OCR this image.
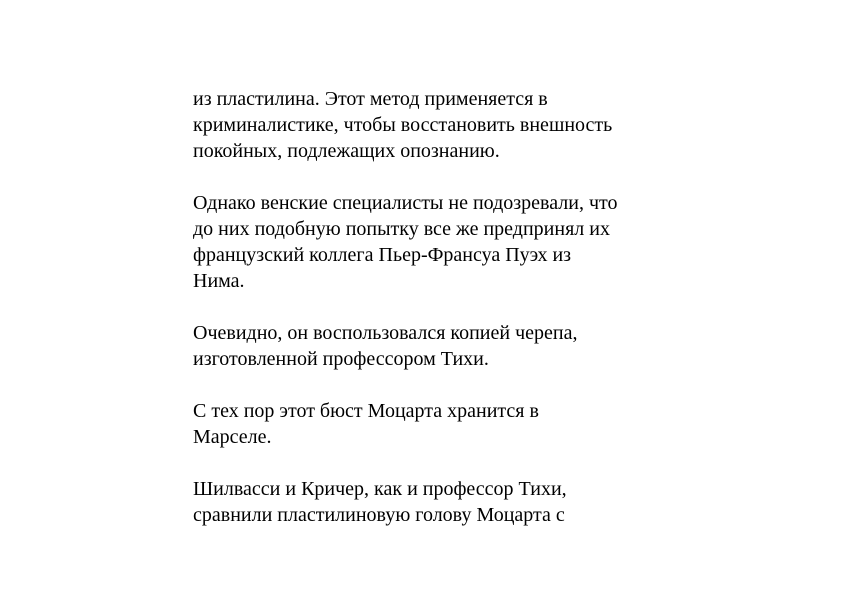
из пластилина. Этот метод применяется в
криминалистике, чтобы восстановить внешность
покойных, подлежащих опознанию.

Однако венские специалисты не подозревали, что
до них подобную попытку все же предпринял их
французский коллега Пьер-Франсуа Пуэх из
Нима.

Очевидно, он воспользовался копией черепа,
изготовленной профессором Тихи.

С тех пор этот бюст Моцарта хранится в
Марселе.

Шилвасси и Кричер, как и профессор Тихи,
сравнили пластилиновую голову Моцарта с
